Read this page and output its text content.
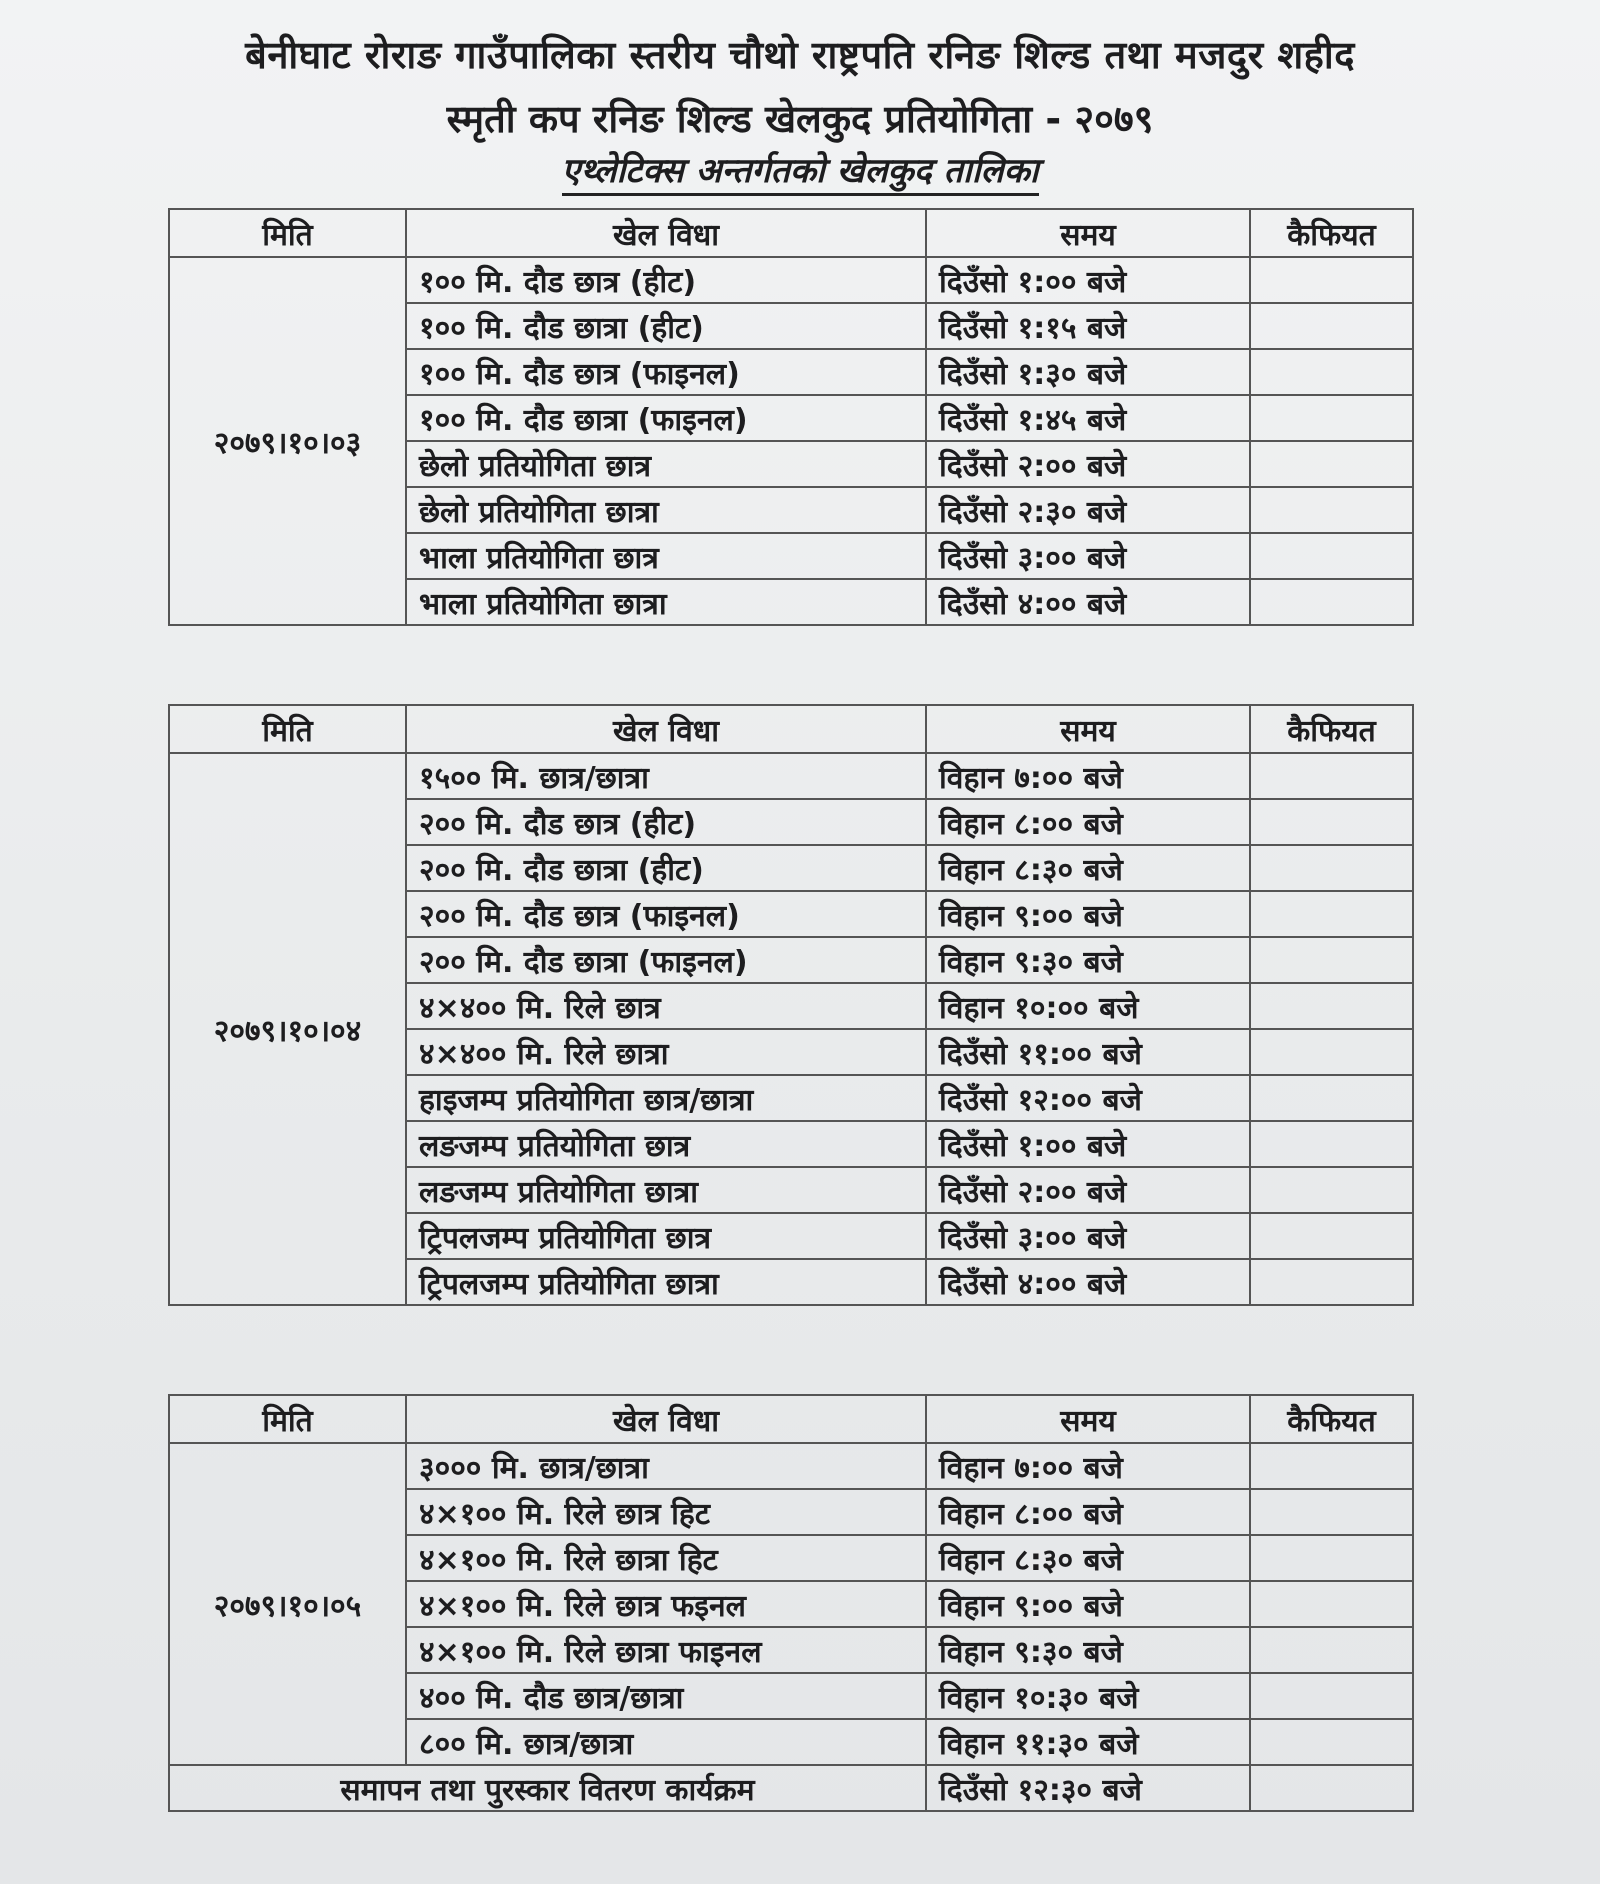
बेनीघाट रोराङ गाउँपालिका स्तरीय चौथो राष्ट्रपति रनिङ शिल्ड तथा मजदुर शहीद
स्मृती कप रनिङ शिल्ड खेलकुद प्रतियोगिता - २०७९
एथ्लेटिक्स अन्तर्गतको खेलकुद तालिका
मिति	खेल विधा	समय	कैफियत
२०७९।१०।०३	१०० मि. दौड छात्र (हीट)	दिउँसो १:०० बजे	
	१०० मि. दौड छात्रा (हीट)	दिउँसो १:१५ बजे	
	१०० मि. दौड छात्र (फाइनल)	दिउँसो १:३० बजे	
	१०० मि. दौड छात्रा (फाइनल)	दिउँसो १:४५ बजे	
	छेलो प्रतियोगिता छात्र	दिउँसो २:०० बजे	
	छेलो प्रतियोगिता छात्रा	दिउँसो २:३० बजे	
	भाला प्रतियोगिता छात्र	दिउँसो ३:०० बजे	
	भाला प्रतियोगिता छात्रा	दिउँसो ४:०० बजे	
मिति	खेल विधा	समय	कैफियत
२०७९।१०।०४	१५०० मि. छात्र/छात्रा	विहान ७:०० बजे	
	२०० मि. दौड छात्र (हीट)	विहान ८:०० बजे	
	२०० मि. दौड छात्रा (हीट)	विहान ८:३० बजे	
	२०० मि. दौड छात्र (फाइनल)	विहान ९:०० बजे	
	२०० मि. दौड छात्रा (फाइनल)	विहान ९:३० बजे	
	४×४०० मि. रिले छात्र	विहान १०:०० बजे	
	४×४०० मि. रिले छात्रा	दिउँसो ११:०० बजे	
	हाइजम्प प्रतियोगिता छात्र/छात्रा	दिउँसो १२:०० बजे	
	लङजम्प प्रतियोगिता छात्र	दिउँसो १:०० बजे	
	लङजम्प प्रतियोगिता छात्रा	दिउँसो २:०० बजे	
	ट्रिपलजम्प प्रतियोगिता छात्र	दिउँसो ३:०० बजे	
	ट्रिपलजम्प प्रतियोगिता छात्रा	दिउँसो ४:०० बजे	
मिति	खेल विधा	समय	कैफियत
२०७९।१०।०५	३००० मि. छात्र/छात्रा	विहान ७:०० बजे	
	४×१०० मि. रिले छात्र हिट	विहान ८:०० बजे	
	४×१०० मि. रिले छात्रा हिट	विहान ८:३० बजे	
	४×१०० मि. रिले छात्र फइनल	विहान ९:०० बजे	
	४×१०० मि. रिले छात्रा फाइनल	विहान ९:३० बजे	
	४०० मि. दौड छात्र/छात्रा	विहान १०:३० बजे	
	८०० मि. छात्र/छात्रा	विहान ११:३० बजे	
समापन तथा पुरस्कार वितरण कार्यक्रम		दिउँसो १२:३० बजे	
